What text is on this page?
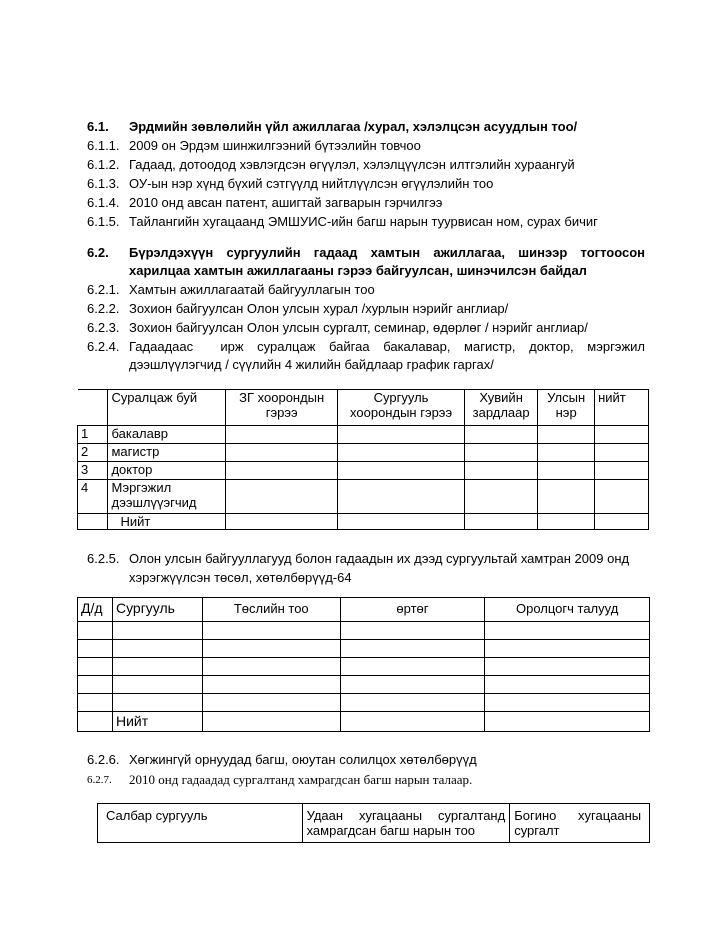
6.1. Эрдмийн зөвлөлийн үйл ажиллагаа /хурал, хэлэлцсэн асуудлын тоо/
6.1.1. 2009 он Эрдэм шинжилгээний бүтээлийн товчоо
6.1.2. Гадаад, дотоодод хэвлэгдсэн өгүүлэл, хэлэлцүүлсэн илтгэлийн хураангуй
6.1.3. ОУ-ын нэр хүнд бүхий сэтгүүлд нийтлүүлсэн өгүүлэлийн тоо
6.1.4. 2010 онд авсан патент, ашигтай загварын гэрчилгээ
6.1.5. Тайлангийн хугацаанд ЭМШУИС-ийн багш нарын туурвисан ном, сурах бичиг
6.2. Бүрэлдэхүүн сургуулийн гадаад хамтын ажиллагаа, шинээр тогтоосон
харилцаа хамтын ажиллагааны гэрээ байгуулсан, шинэчилсэн байдал
6.2.1. Хамтын ажиллагаатай байгууллагын тоо
6.2.2. Зохион байгуулсан Олон улсын хурал /хурлын нэрийг англиар/
6.2.3. Зохион байгуулсан Олон улсын сургалт, семинар, өдөрлөг / нэрийг англиар/
6.2.4. Гадаадаас    ирж  суралцаж  байгаа  бакалавар,  магистр,  доктор,  мэргэжил
дээшлүүлэгчид / сүүлийн 4 жилийн байдлаар график гаргах/
	Суралцаж буй	ЗГ хоорондын гэрээ	Сургууль хоорондын гэрээ	Хувийн зардлаар	Улсын нэр	нийт
1	бакалавр					
2	магистр					
3	доктор					
4	Мэргэжил дээшлүүэгчид					
	Нийт					
6.2.5. Олон улсын байгууллагууд болон гадаадын их дээд сургуультай хамтран 2009 онд
хэрэгжүүлсэн төсөл, хөтөлбөрүүд-64
Д/д	Сургууль	Төслийн тоо	өртөг	Оролцогч талууд

	Нийт			
6.2.6. Хөгжингүй орнуудад багш, оюутан солилцох хөтөлбөрүүд
6.2.7. 2010 онд гадаадад сургалтанд хамрагдсан багш нарын талаар.
Салбар сургууль	Удаан хугацааны сургалтанд хамрагдсан багш нарын тоо	Богино      хугацааны сургалт
